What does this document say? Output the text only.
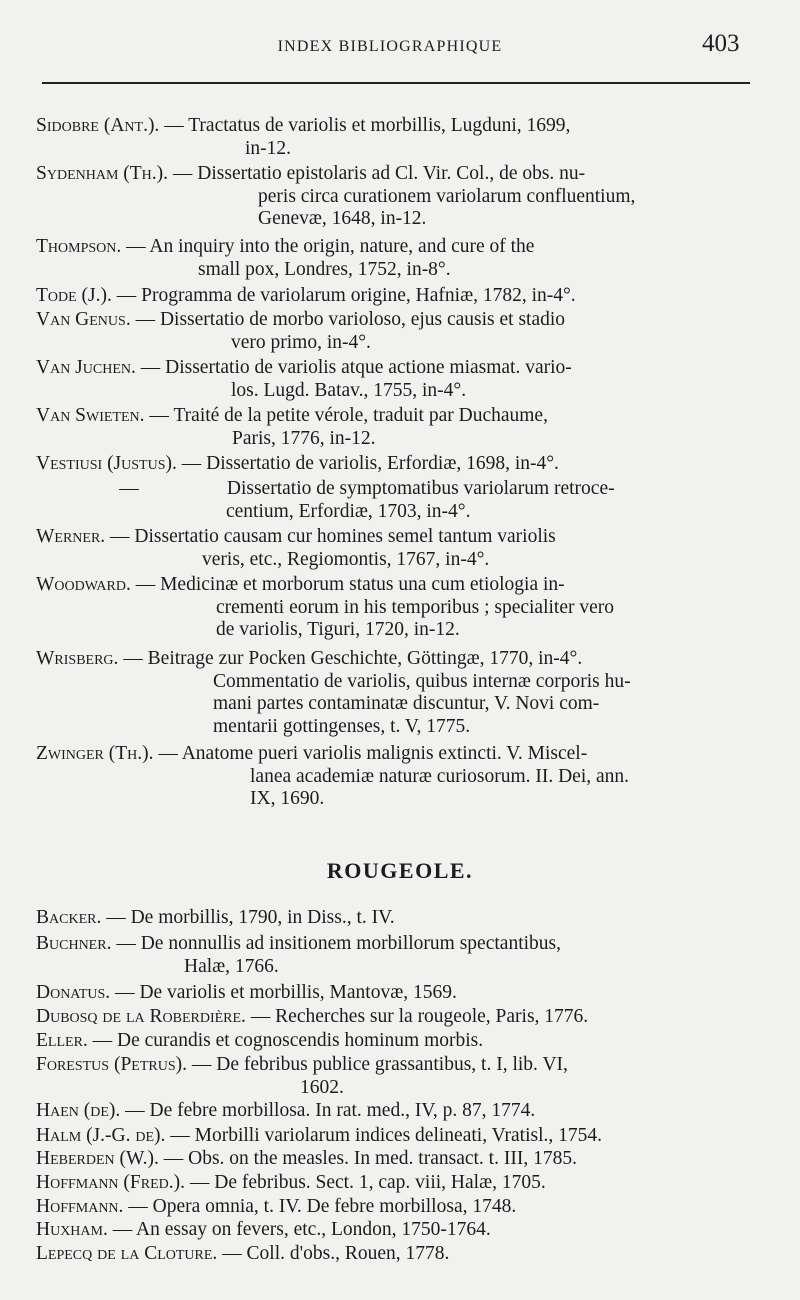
INDEX BIBLIOGRAPHIQUE	403
Sidobre (Ant.). — Tractatus de variolis et morbillis, Lugduni, 1699,
in-12.
Sydenham (Th.). — Dissertatio epistolaris ad Cl. Vir. Col., de obs. nu-
peris circa curationem variolarum confluentium,
Genevæ, 1648, in-12.
Thompson. — An inquiry into the origin, nature, and cure of the
small pox, Londres, 1752, in-8°.
Tode (J.). — Programma de variolarum origine, Hafniæ, 1782, in-4°.
Van Genus. — Dissertatio de morbo varioloso, ejus causis et stadio
vero primo, in-4°.
Van Juchen. — Dissertatio de variolis atque actione miasmat. vario-
los. Lugd. Batav., 1755, in-4°.
Van Swieten. — Traité de la petite vérole, traduit par Duchaume,
Paris, 1776, in-12.
Vestiusi (Justus). — Dissertatio de variolis, Erfordiæ, 1698, in-4°.
—	Dissertatio de symptomatibus variolarum retroce-
centium, Erfordiæ, 1703, in-4°.
Werner. — Dissertatio causam cur homines semel tantum variolis
veris, etc., Regiomontis, 1767, in-4°.
Woodward. — Medicinæ et morborum status una cum etiologia in-
crementi eorum in his temporibus ; specialiter vero
de variolis, Tiguri, 1720, in-12.
Wrisberg. — Beitrage zur Pocken Geschichte, Göttingæ, 1770, in-4°.
Commentatio de variolis, quibus internæ corporis hu-
mani partes contaminatæ discuntur, V. Novi com-
mentarii gottingenses, t. V, 1775.
Zwinger (Th.). — Anatome pueri variolis malignis extincti. V. Miscel-
lanea academiæ naturæ curiosorum. II. Dei, ann.
IX, 1690.
ROUGEOLE.
Backer. — De morbillis, 1790, in Diss., t. IV.
Buchner. — De nonnullis ad insitionem morbillorum spectantibus,
Halæ, 1766.
Donatus. — De variolis et morbillis, Mantovæ, 1569.
Dubosq de la Roberdière. — Recherches sur la rougeole, Paris, 1776.
Eller. — De curandis et cognoscendis hominum morbis.
Forestus (Petrus). — De febribus publice grassantibus, t. I, lib. VI,
1602.
Haen (de). — De febre morbillosa. In rat. med., IV, p. 87, 1774.
Halm (J.-G. de). — Morbilli variolarum indices delineati, Vratisl., 1754.
Heberden (W.). — Obs. on the measles. In med. transact. t. III, 1785.
Hoffmann (Fred.). — De febribus. Sect. 1, cap. viii, Halæ, 1705.
Hoffmann. — Opera omnia, t. IV. De febre morbillosa, 1748.
Huxham. — An essay on fevers, etc., London, 1750-1764.
Lepecq de la Cloture. — Coll. d'obs., Rouen, 1778.
